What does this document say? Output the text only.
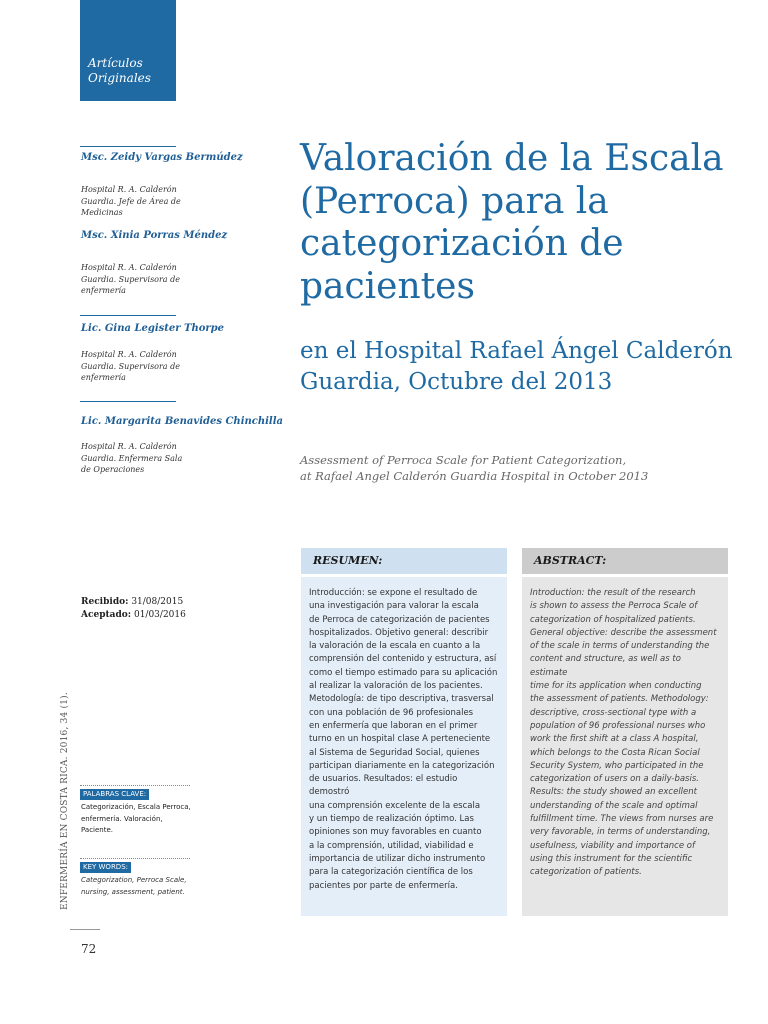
Artículos
Originales
Msc. Zeidy Vargas Bermúdez
Hospital R. A. Calderón Guardia. Jefe de Área de Medicinas
Msc. Xinia Porras Méndez
Hospital R. A. Calderón Guardia. Supervisora de enfermería
Lic. Gina Legister Thorpe
Hospital R. A. Calderón Guardia. Supervisora de enfermería
Lic. Margarita Benavides Chinchilla
Hospital R. A. Calderón Guardia. Enfermera Sala de Operaciones
Valoración de la Escala (Perroca) para la categorización de pacientes
en el Hospital Rafael Ángel Calderón Guardia, Octubre del 2013
Assessment of Perroca Scale for Patient Categorization,
at Rafael Angel Calderón Guardia Hospital in October 2013
Recibido: 31/08/2015
Aceptado: 01/03/2016
PALABRAS CLAVE:
Categorización, Escala Perroca, enfermería. Valoración, Paciente.
KEY WORDS:
Categorization, Perroca Scale, nursing, assessment, patient.
ENFERMERÍA EN COSTA RICA. 2016, 34 (1).
72
RESUMEN:
Introducción: se expone el resultado de
una investigación para valorar la escala
de Perroca de categorización de pacientes
hospitalizados. Objetivo general: describir
la valoración de la escala en cuanto a la
comprensión del contenido y estructura, así
como el tiempo estimado para su aplicación
al realizar la valoración de los pacientes.
Metodología: de tipo descriptiva, trasversal
con una población de 96 profesionales
en enfermería que laboran en el primer
turno en un hospital clase A perteneciente
al Sistema de Seguridad Social, quienes
participan diariamente en la categorización
de usuarios. Resultados: el estudio demostró
una comprensión excelente de la escala
y un tiempo de realización óptimo. Las
opiniones son muy favorables en cuanto
a la comprensión, utilidad, viabilidad e
importancia de utilizar dicho instrumento
para la categorización científica de los
pacientes por parte de enfermería.
ABSTRACT:
Introduction: the result of the research
is shown to assess the Perroca Scale of
categorization of hospitalized patients.
General objective: describe the assessment
of the scale in terms of understanding the
content and structure, as well as to estimate
time for its application when conducting
the assessment of patients. Methodology:
descriptive, cross-sectional type with a
population of 96 professional nurses who
work the first shift at a class A hospital,
which belongs to the Costa Rican Social
Security System, who participated in the
categorization of users on a daily-basis.
Results: the study showed an excellent
understanding of the scale and optimal
fulfillment time. The views from nurses are
very favorable, in terms of understanding,
usefulness, viability and importance of
using this instrument for the scientific
categorization of patients.
